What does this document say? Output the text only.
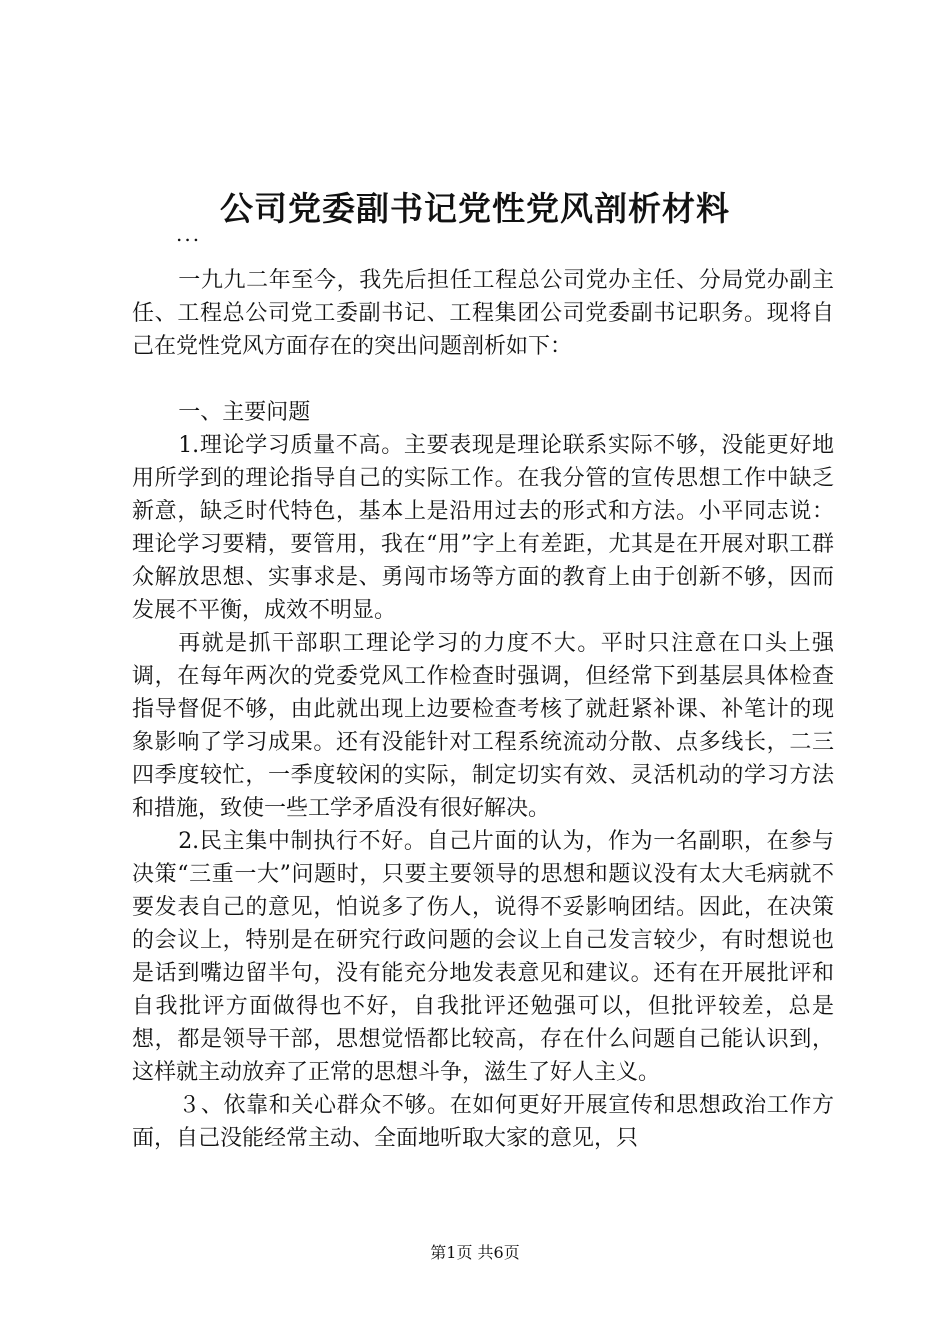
公司党委副书记党性党风剖析材料
...

一九九二年至今，我先后担任工程总公司党办主任、分局党办副主任、工程总公司党工委副书记、工程集团公司党委副书记职务。现将自己在党性党风方面存在的突出问题剖析如下：

一、主要问题

1.理论学习质量不高。主要表现是理论联系实际不够，没能更好地用所学到的理论指导自己的实际工作。在我分管的宣传思想工作中缺乏新意，缺乏时代特色，基本上是沿用过去的形式和方法。小平同志说：理论学习要精，要管用，我在“用”字上有差距，尤其是在开展对职工群众解放思想、实事求是、勇闯市场等方面的教育上由于创新不够，因而发展不平衡，成效不明显。

再就是抓干部职工理论学习的力度不大。平时只注意在口头上强调，在每年两次的党委党风工作检查时强调，但经常下到基层具体检查指导督促不够，由此就出现上边要检查考核了就赶紧补课、补笔计的现象影响了学习成果。还有没能针对工程系统流动分散、点多线长，二三四季度较忙，一季度较闲的实际，制定切实有效、灵活机动的学习方法和措施，致使一些工学矛盾没有很好解决。

2.民主集中制执行不好。自己片面的认为，作为一名副职，在参与决策“三重一大”问题时，只要主要领导的思想和题议没有太大毛病就不要发表自己的意见，怕说多了伤人，说得不妥影响团结。因此，在决策的会议上，特别是在研究行政问题的会议上自己发言较少，有时想说也是话到嘴边留半句，没有能充分地发表意见和建议。还有在开展批评和自我批评方面做得也不好，自我批评还勉强可以，但批评较差，总是想，都是领导干部，思想觉悟都比较高，存在什么问题自己能认识到，这样就主动放弃了正常的思想斗争，滋生了好人主义。

３、依靠和关心群众不够。在如何更好开展宣传和思想政治工作方面，自己没能经常主动、全面地听取大家的意见，只

第1页 共6页
